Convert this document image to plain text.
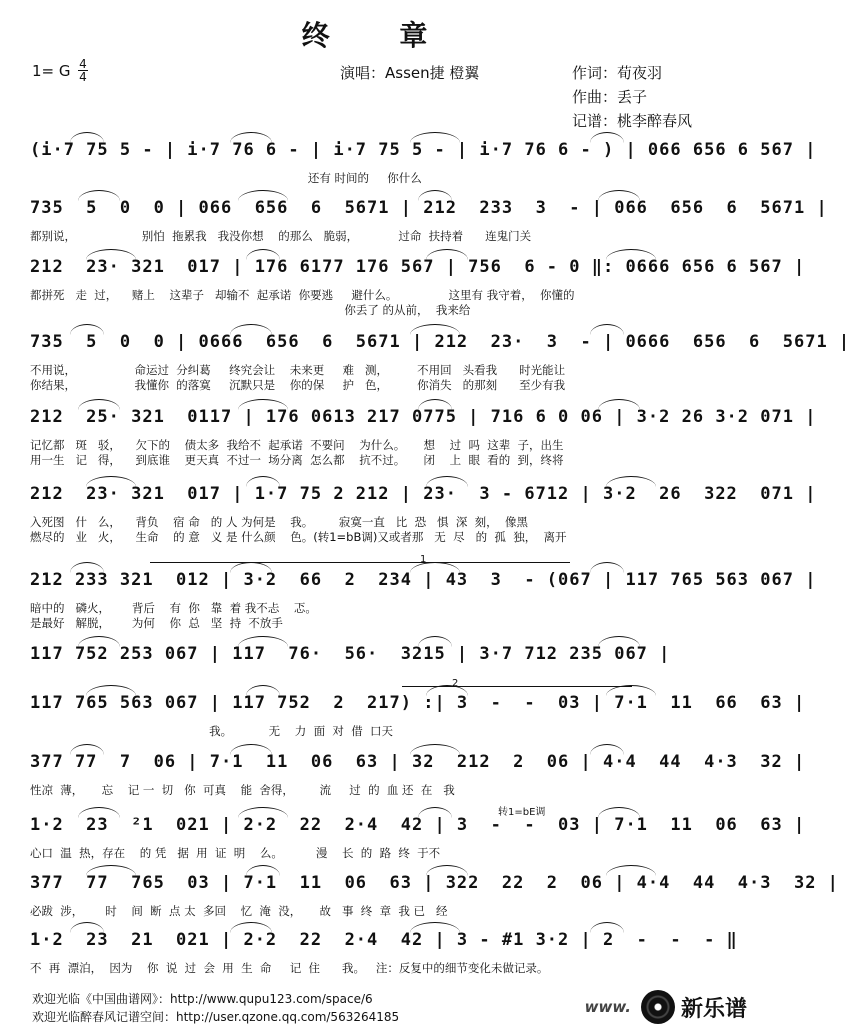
终 章
1= G 4
4	演唱：Assen捷 橙翼	作词：荀夜羽
作曲：丢子
记谱：桃李醉春风
(i·7 75 5 - | i·7 76 6 - | i·7 75 5 - | i·7 76 6 - ) | 066 656 6 567 |
还有 时间的     你什么
735  5  0  0 | 066  656  6  5671 | 212  233  3  - | 066  656  6  5671 |
都别说，                  别怕  拖累我   我没你想    的那么   脆弱，           过命  扶持着      连鬼门关
212  23· 321  017 | 176 6177 176 567 | 756  6 - 0 ‖: 0666 656 6 567 |
都拼死   走  过，    赌上    这辈子   却输不  起承诺  你要逃     避什么。              这里有 我守着，  你懂的
你丢了 的从前，  我来给
735  5  0  0 | 0666  656  6  5671 | 212  23·  3  - | 0666  656  6  5671 |
不用说，                命运过  分纠葛     终究会让    未来更     难   测，        不用回   头看我      时光能让
你结果，                我懂你  的落寞     沉默只是    你的保     护   色，        你消失   的那刻      至少有我
212  25· 321  0117 | 176 0613 217 0775 | 716 6 0 06 | 3·2 26 3·2 071 |
记忆都   斑   驳，    欠下的    债太多  我给不  起承诺  不要问    为什么。     想    过  吗  这辈  子，出生
用一生   记   得，    到底谁    更天真  不过一  场分离  怎么都    抗不过。     闭    上  眼  看的  到，终将
212  23· 321  017 | 1·7 75 2 212 | 23·  3 - 6712 | 3·2  26  322  071 |
入死图   什   么，    背负    宿 命   的 人 为何是    我。       寂寞一直   比  恐   惧  深  刻，  像黑
燃尽的   业   火，    生命    的 意   义 是 什么颜    色。(转1=bB调)又或者那   无  尽   的  孤  独，  离开
212 233 321  012 | 3·2  66  2  234 | 43  3  - (067 | 117 765 563 067 |
暗中的   磷火，      背后    有  你   靠  着 我不忐    忑。
是最好   解脱，      为何    你  总   坚  持  不放手
117 752 253 067 | 117  76·  56·  3215 | 3·7 712 235 067 |
117 765 563 067 | 117 752  2  217) :| 3  -  -  03 | 7·1  11  66  63 |
我。          无    力  面  对  借  口天
377 77  7  06 | 7·1  11  06  63 | 32  212  2  06 | 4·4  44  4·3  32 |
性凉  薄，     忘    记 一  切   你  可真    能  舍得，       流     过  的  血 还  在   我
1·2  23  ²1  021 | 2·2  22  2·4  42 | 3  -  -  03 | 7·1  11  06  63 |
心口  温  热，存在    的 凭   据  用  证  明    么。         漫    长  的  路  终  于不
377  77  765  03 | 7·1  11  06  63 | 322  22  2  06 | 4·4  44  4·3  32 |
必跋  涉，      时    间  断  点 太  多回    忆  淹  没，     故   事  终  章  我 已   经
1·2  23  21  021 | 2·2  22  2·4  42 | 3 - #1 3·2 | 2  -  -  - ‖
不  再  漂泊，  因为    你  说  过  会  用  生  命     记  住      我。   注：反复中的细节变化未做记录。
1
2
转1=bE调
欢迎光临《中国曲谱网》：http://www.qupu123.com/space/6
欢迎光临醉春风记谱空间：http://user.qzone.qq.com/563264185
www. 新乐谱
